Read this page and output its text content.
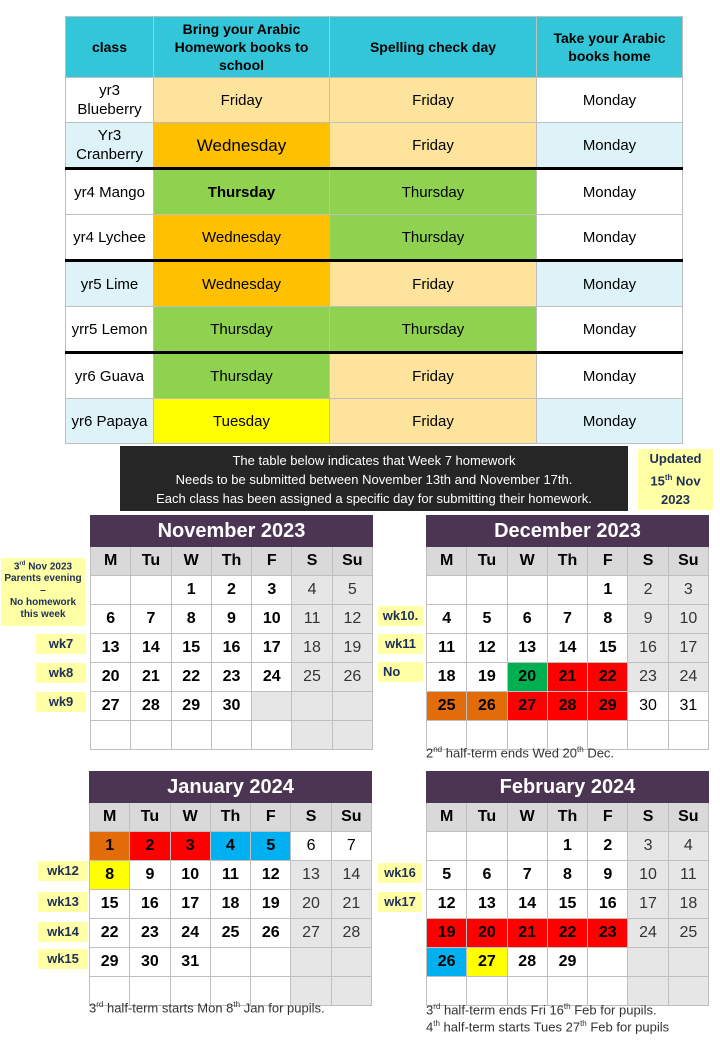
class	Bring your Arabic Homework books to school	Spelling check day	Take your Arabic books home
yr3 Blueberry	Friday	Friday	Monday
Yr3 Cranberry	Wednesday	Friday	Monday
yr4 Mango	Thursday	Thursday	Monday
yr4 Lychee	Wednesday	Thursday	Monday
yr5 Lime	Wednesday	Friday	Monday
yrr5 Lemon	Thursday	Thursday	Monday
yr6 Guava	Thursday	Friday	Monday
yr6 Papaya	Tuesday	Friday	Monday
The table below indicates that Week 7 homework
Needs to be submitted between November 13th and November 17th.
Each class has been assigned a specific day for submitting their homework.
Updated
15th Nov
2023
November 2023						
M	Tu	W	Th	F	S	Su
		1	2	3	4	5
6	7	8	9	10	11	12
13	14	15	16	17	18	19
20	21	22	23	24	25	26
27	28	29	30			

3rd Nov 2023
Parents evening
–
No homework
this week
wk7
wk8
wk9
December 2023						
M	Tu	W	Th	F	S	Su
				1	2	3
4	5	6	7	8	9	10
11	12	13	14	15	16	17
18	19	20	21	22	23	24
25	26	27	28	29	30	31

wk10.
wk11
No
2nd half-term ends Wed 20th Dec.
January 2024						
M	Tu	W	Th	F	S	Su
1	2	3	4	5	6	7
8	9	10	11	12	13	14
15	16	17	18	19	20	21
22	23	24	25	26	27	28
29	30	31				

wk12
wk13
wk14
wk15
3rd half-term starts Mon 8th Jan for pupils.
February 2024						
M	Tu	W	Th	F	S	Su
			1	2	3	4
5	6	7	8	9	10	11
12	13	14	15	16	17	18
19	20	21	22	23	24	25
26	27	28	29			

wk16
wk17
3rd half-term ends Fri 16th Feb for pupils.
4th half-term starts Tues 27th Feb for pupils
